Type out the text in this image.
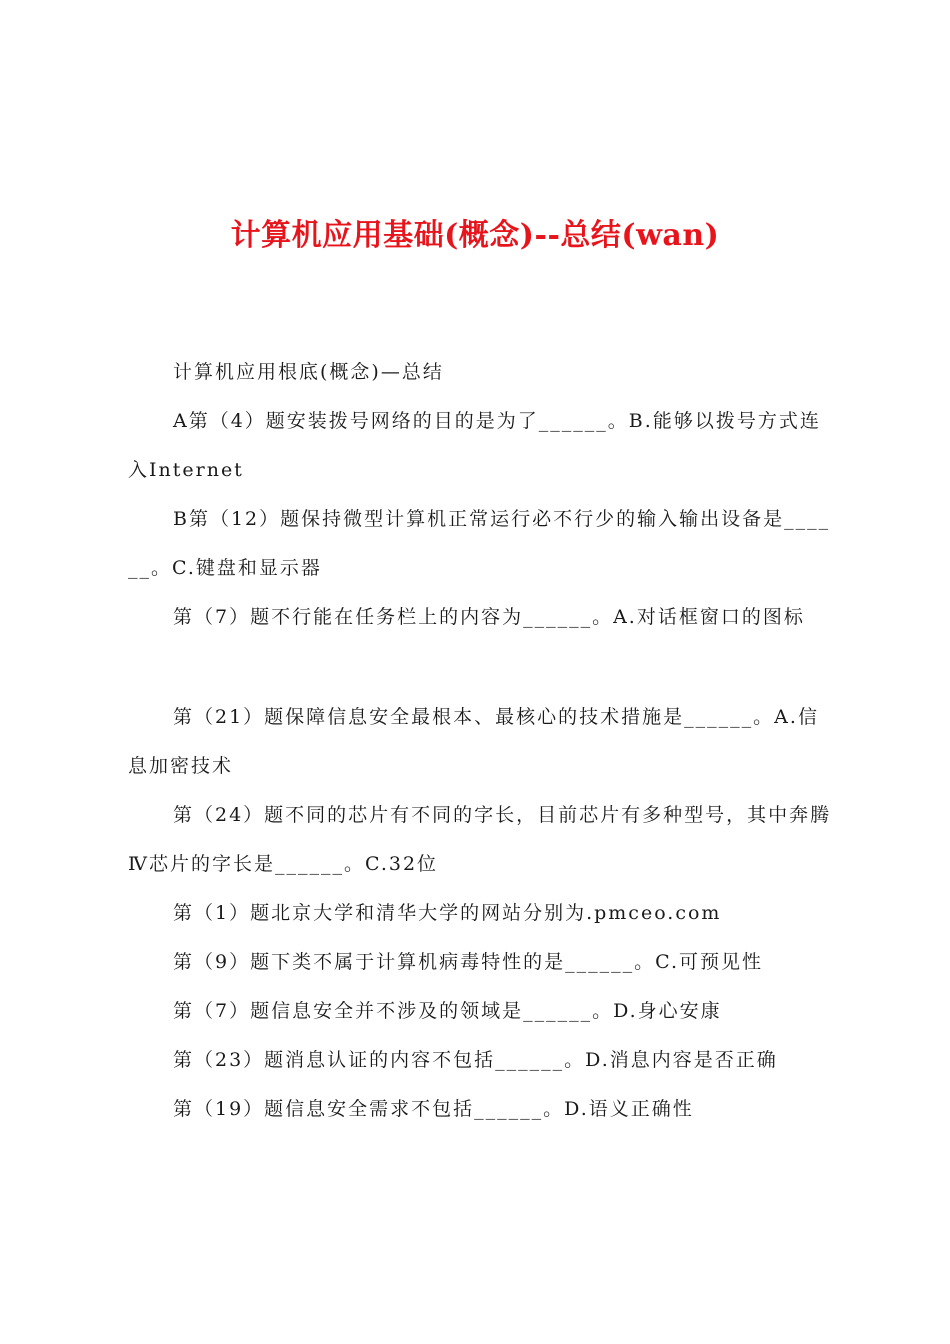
计算机应用基础(概念)--总结(wan)

计算机应用根底(概念)—总结

A第（4）题安装拨号网络的目的是为了______。B.能够以拨号方式连入Internet

B第（12）题保持微型计算机正常运行必不行少的输入输出设备是______。C.键盘和显示器

第（7）题不行能在任务栏上的内容为______。A.对话框窗口的图标

第（21）题保障信息安全最根本、最核心的技术措施是______。A.信息加密技术

第（24）题不同的芯片有不同的字长，目前芯片有多种型号，其中奔腾Ⅳ芯片的字长是______。C.32位

第（1）题北京大学和清华大学的网站分别为.pmceo.com

第（9）题下类不属于计算机病毒特性的是______。C.可预见性

第（7）题信息安全并不涉及的领域是______。D.身心安康

第（23）题消息认证的内容不包括______。D.消息内容是否正确

第（19）题信息安全需求不包括______。D.语义正确性
